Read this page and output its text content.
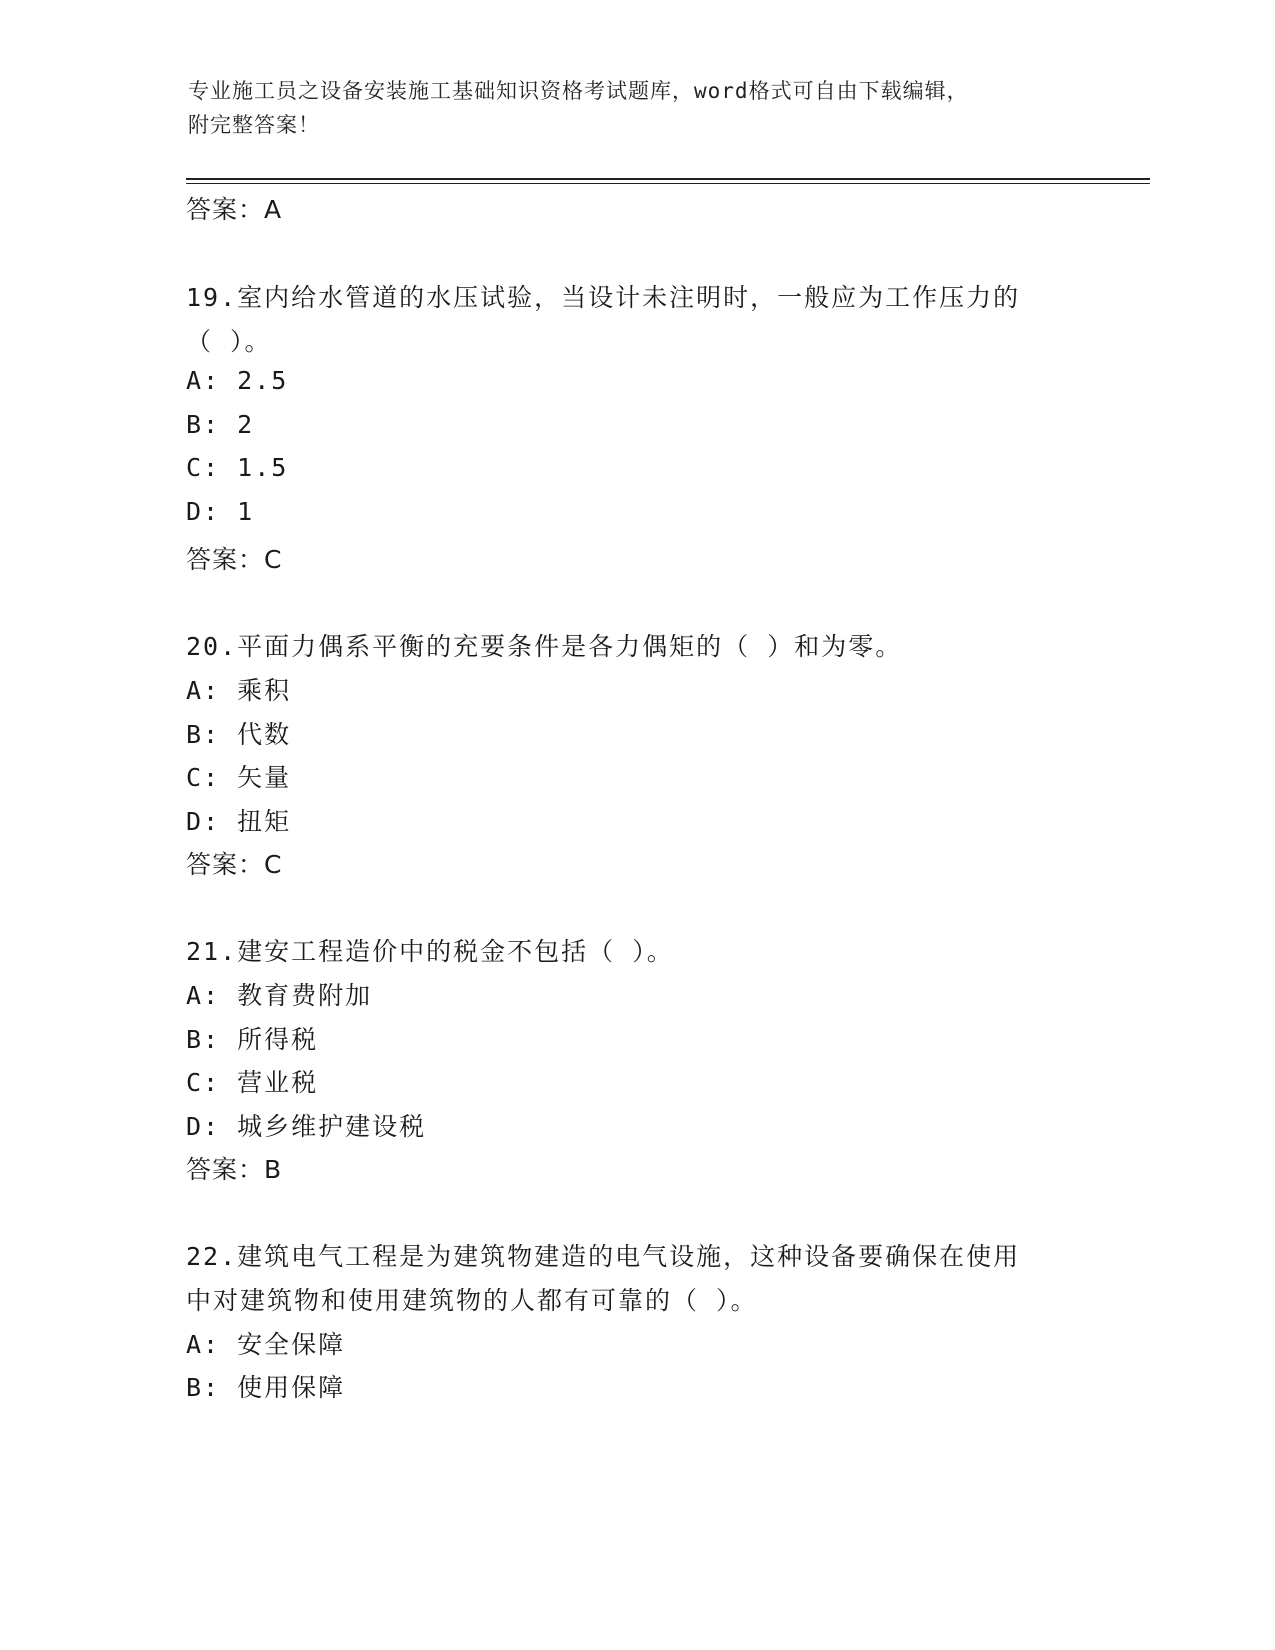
专业施工员之设备安装施工基础知识资格考试题库，word格式可自由下载编辑，
附完整答案！
答案：A
19.室内给水管道的水压试验，当设计未注明时，一般应为工作压力的
（ ）。
A: 2.5
B: 2
C: 1.5
D: 1
答案：C
20.平面力偶系平衡的充要条件是各力偶矩的（ ）和为零。
A: 乘积
B: 代数
C: 矢量
D: 扭矩
答案：C
21.建安工程造价中的税金不包括（ ）。
A: 教育费附加
B: 所得税
C: 营业税
D: 城乡维护建设税
答案：B
22.建筑电气工程是为建筑物建造的电气设施，这种设备要确保在使用
中对建筑物和使用建筑物的人都有可靠的（ ）。
A: 安全保障
B: 使用保障
